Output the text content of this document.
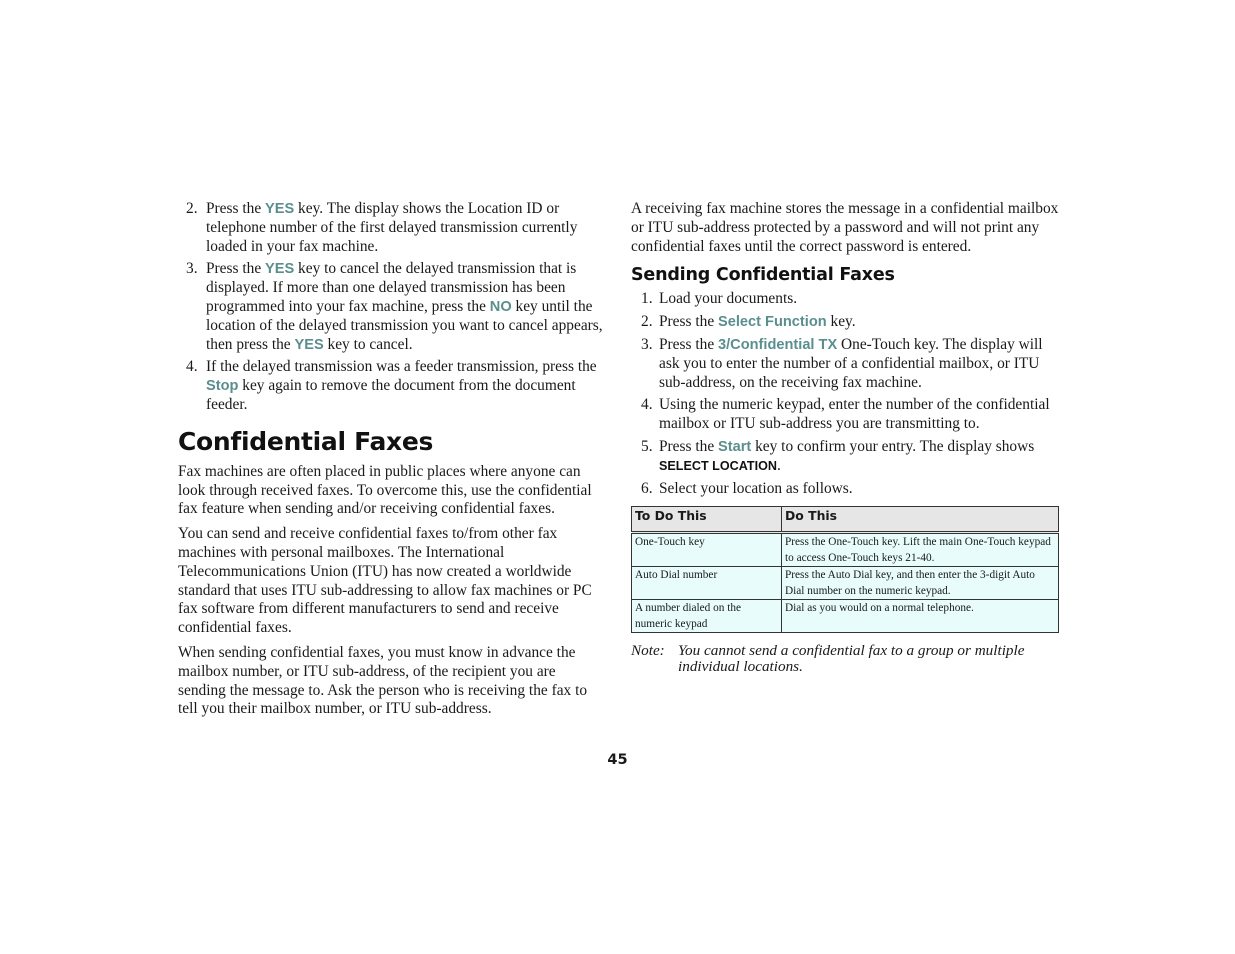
2. Press the YES key. The display shows the Location ID or telephone number of the first delayed transmission currently loaded in your fax machine.
3. Press the YES key to cancel the delayed transmission that is displayed. If more than one delayed transmission has been programmed into your fax machine, press the NO key until the location of the delayed transmission you want to cancel appears, then press the YES key to cancel.
4. If the delayed transmission was a feeder transmission, press the Stop key again to remove the document from the document feeder.
Confidential Faxes

Fax machines are often placed in public places where anyone can look through received faxes. To overcome this, use the confidential fax feature when sending and/or receiving confidential faxes.

You can send and receive confidential faxes to/from other fax machines with personal mailboxes. The International Telecommunications Union (ITU) has now created a worldwide standard that uses ITU sub-addressing to allow fax machines or PC fax software from different manufacturers to send and receive confidential faxes.

When sending confidential faxes, you must know in advance the mailbox number, or ITU sub-address, of the recipient you are sending the message to. Ask the person who is receiving the fax to tell you their mailbox number, or ITU sub-address.

A receiving fax machine stores the message in a confidential mailbox or ITU sub-address protected by a password and will not print any confidential faxes until the correct password is entered.

Sending Confidential Faxes
1. Load your documents.
2. Press the Select Function key.
3. Press the 3/Confidential TX One-Touch key. The display will ask you to enter the number of a confidential mailbox, or ITU sub-address, on the receiving fax machine.
4. Using the numeric keypad, enter the number of the confidential mailbox or ITU sub-address you are transmitting to.
5. Press the Start key to confirm your entry. The display shows SELECT LOCATION.
6. Select your location as follows.
To Do This	Do This
One-Touch key	Press the One-Touch key. Lift the main One-Touch keypad to access One-Touch keys 21-40.
Auto Dial number	Press the Auto Dial key, and then enter the 3-digit Auto Dial number on the numeric keypad.
A number dialed on the numeric keypad	Dial as you would on a normal telephone.
Note: You cannot send a confidential fax to a group or multiple individual locations.
45
